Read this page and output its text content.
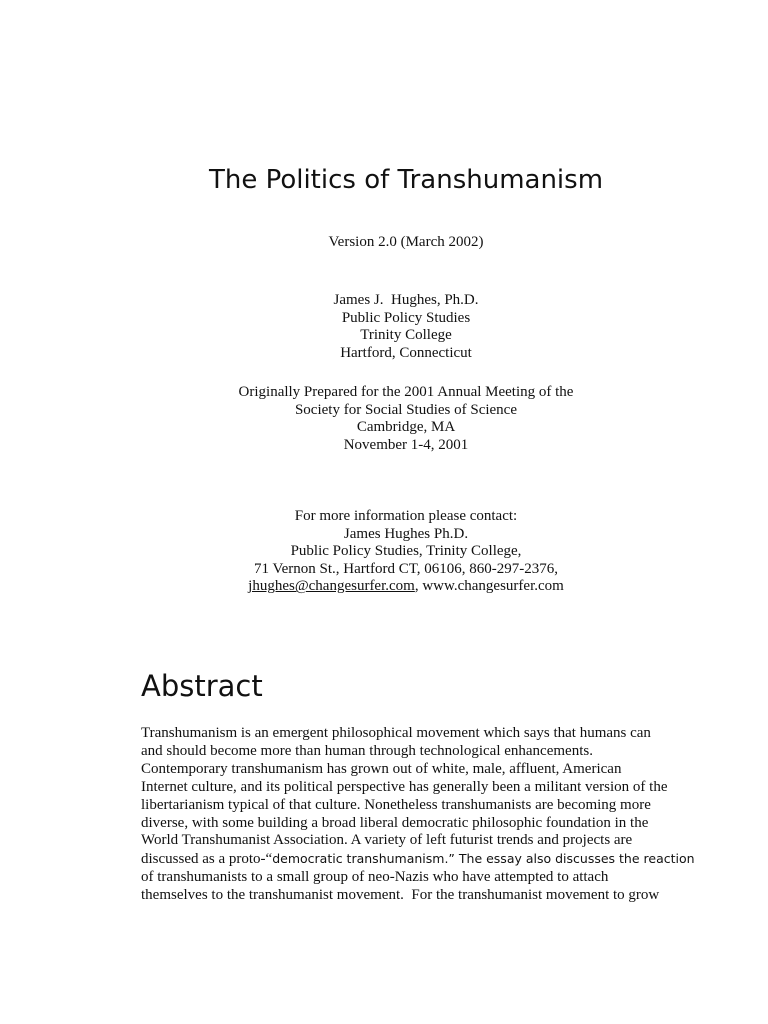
The Politics of Transhumanism
Version 2.0 (March 2002)
James J.  Hughes, Ph.D.
Public Policy Studies
Trinity College
Hartford, Connecticut
Originally Prepared for the 2001 Annual Meeting of the
Society for Social Studies of Science
Cambridge, MA
November 1-4, 2001
For more information please contact:
James Hughes Ph.D.
Public Policy Studies, Trinity College,
71 Vernon St., Hartford CT, 06106, 860-297-2376,
jhughes@changesurfer.com, www.changesurfer.com
Abstract
Transhumanism is an emergent philosophical movement which says that humans can
and should become more than human through technological enhancements.
Contemporary transhumanism has grown out of white, male, affluent, American
Internet culture, and its political perspective has generally been a militant version of the
libertarianism typical of that culture. Nonetheless transhumanists are becoming more
diverse, with some building a broad liberal democratic philosophic foundation in the
World Transhumanist Association. A variety of left futurist trends and projects are
discussed as a proto-“democratic transhumanism.” The essay also discusses the reaction
of transhumanists to a small group of neo-Nazis who have attempted to attach
themselves to the transhumanist movement.  For the transhumanist movement to grow
